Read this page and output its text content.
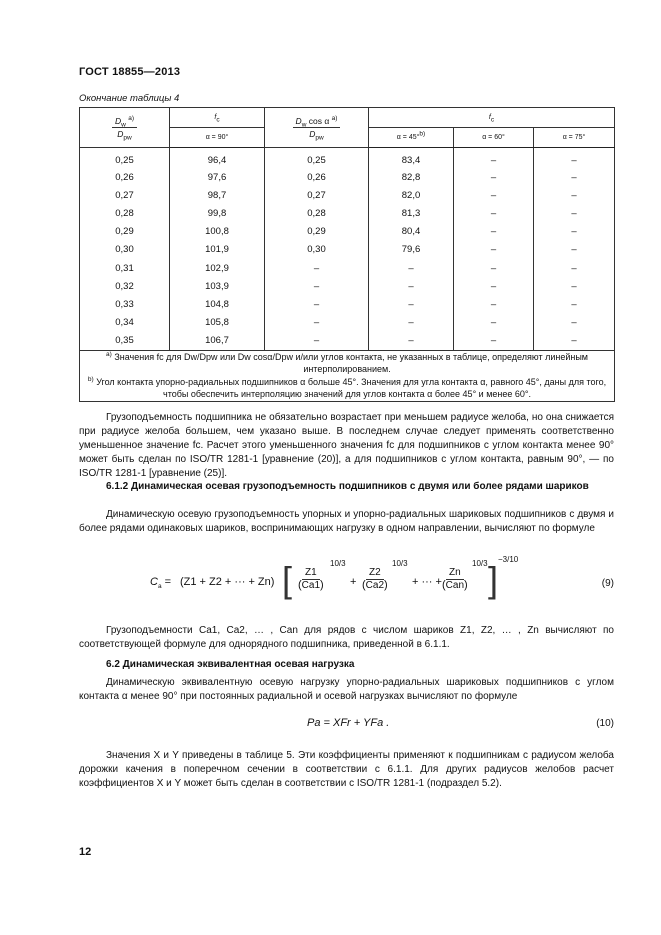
ГОСТ 18855—2013
Окончание таблицы 4
$\frac{D_w ^{a)}}{D_{pw}}$	$f_c$	$\frac{D_w \cos \alpha ^{a)}}{D_{pw}}$	$f_c$
	α = 90°		α = 45°$^{b)}$	α = 60°	α = 75°
0,25	96,4	0,25	83,4	–	–
0,26	97,6	0,26	82,8	–	–
0,27	98,7	0,27	82,0	–	–
0,28	99,8	0,28	81,3	–	–
0,29	100,8	0,29	80,4	–	–
0,30	101,9	0,30	79,6	–	–
0,31	102,9	–	–	–	–
0,32	103,9	–	–	–	–
0,33	104,8	–	–	–	–
0,34	105,8	–	–	–	–
0,35	106,7	–	–	–	–

$^{a)}$ Значения fc для Dw/Dpw или Dw cosα/Dpw и/или углов контакта, не указанных в таблице, определяют линейным интерполированием.
$^{b)}$ Угол контакта упорно-радиальных подшипников α больше 45°. Значения для угла контакта α, равного 45°, даны для того, чтобы обеспечить интерполяцию значений для углов контакта α более 45° и менее 60°.					
Грузоподъемность подшипника не обязательно возрастает при меньшем радиусе желоба, но она снижается при радиусе желоба большем, чем указано выше. В последнем случае следует применять соответственно уменьшенное значение fc. Расчет этого уменьшенного значения fc для подшипников с углом контакта менее 90° может быть сделан по ISO/TR 1281-1 [уравнение (20)], а для подшипников с углом контакта, равным 90°, — по ISO/TR 1281-1 [уравнение (25)].
6.1.2 Динамическая осевая грузоподъемность подшипников с двумя или более рядами шариков
Динамическую осевую грузоподъемность упорных и упорно-радиальных шариковых подшипников с двумя и более рядами одинаковых шариков, воспринимающих нагрузку в одном направлении, вычисляют по формуле
$C_a = (Z1 + Z2$ + ··· + Zn) [ ( $\frac{Z1}{Ca1}$ )
10/3
+ ( $\frac{Z2}{Ca2}$ )
10/3
+ ··· + ( $\frac{Zn}{\text{Can}}$ )
10/3 ] −3/10
(9)
Грузоподъемности Ca1, Ca2, … , Can для рядов с числом шариков Z1, Z2, … , Zn вычисляют по соответствующей формуле для однорядного подшипника, приведенной в 6.1.1.
6.2 Динамическая эквивалентная осевая нагрузка
Динамическую эквивалентную осевую нагрузку упорно-радиальных шариковых подшипников с углом контакта α менее 90° при постоянных радиальной и осевой нагрузках вычисляют по формуле
Pa = XFr + YFa .	(10)
Значения X и Y приведены в таблице 5. Эти коэффициенты применяют к подшипникам с радиусом желоба дорожки качения в поперечном сечении в соответствии с 6.1.1. Для других радиусов желобов расчет коэффициентов X и Y может быть сделан в соответствии с ISO/TR 1281-1 (подраздел 5.2).
12
